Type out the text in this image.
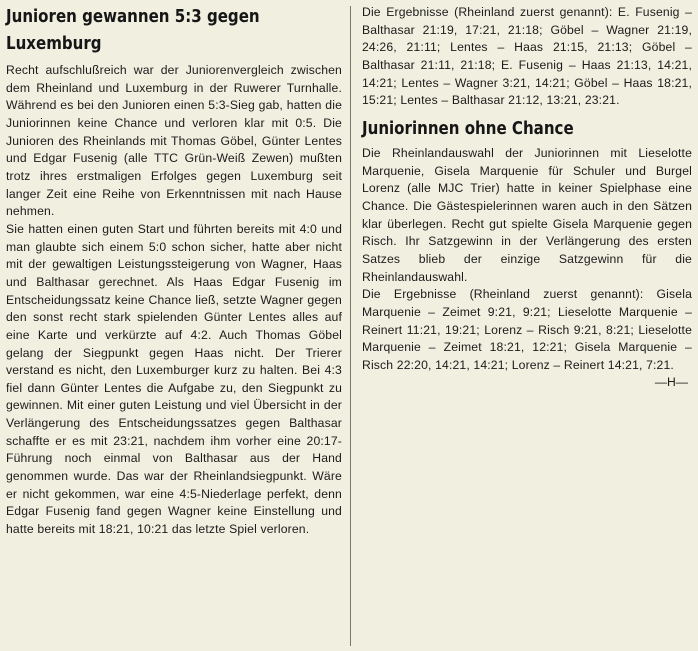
Junioren gewannen 5:3 gegen Luxemburg

Recht aufschlußreich war der Juniorenvergleich zwischen dem Rheinland und Luxemburg in der Ruwerer Turnhalle. Während es bei den Junioren einen 5:3-Sieg gab, hatten die Juniorinnen keine Chance und verloren klar mit 0:5. Die Junioren des Rheinlands mit Thomas Göbel, Günter Lentes und Edgar Fusenig (alle TTC Grün-Weiß Zewen) mußten trotz ihres erstmaligen Erfolges gegen Luxemburg seit langer Zeit eine Reihe von Erkenntnissen mit nach Hause nehmen.

Sie hatten einen guten Start und führten bereits mit 4:0 und man glaubte sich einem 5:0 schon sicher, hatte aber nicht mit der gewaltigen Leistungssteigerung von Wagner, Haas und Balthasar gerechnet. Als Haas Edgar Fusenig im Entscheidungssatz keine Chance ließ, setzte Wagner gegen den sonst recht stark spielenden Günter Lentes alles auf eine Karte und verkürzte auf 4:2. Auch Thomas Göbel gelang der Siegpunkt gegen Haas nicht. Der Trierer verstand es nicht, den Luxemburger kurz zu halten. Bei 4:3 fiel dann Günter Lentes die Aufgabe zu, den Siegpunkt zu gewinnen. Mit einer guten Leistung und viel Übersicht in der Verlängerung des Entscheidungssatzes gegen Balthasar schaffte er es mit 23:21, nachdem ihm vorher eine 20:17-Führung noch einmal von Balthasar aus der Hand genommen wurde. Das war der Rheinlandsiegpunkt. Wäre er nicht gekommen, war eine 4:5-Niederlage perfekt, denn Edgar Fusenig fand gegen Wagner keine Einstellung und hatte bereits mit 18:21, 10:21 das letzte Spiel verloren.

Die Ergebnisse (Rheinland zuerst genannt): E. Fusenig – Balthasar 21:19, 17:21, 21:18; Göbel – Wagner 21:19, 24:26, 21:11; Lentes – Haas 21:15, 21:13; Göbel – Balthasar 21:11, 21:18; E. Fusenig – Haas 21:13, 14:21, 14:21; Lentes – Wagner 3:21, 14:21; Göbel – Haas 18:21, 15:21; Lentes – Balthasar 21:12, 13:21, 23:21.

Juniorinnen ohne Chance

Die Rheinlandauswahl der Juniorinnen mit Lieselotte Marquenie, Gisela Marquenie für Schuler und Burgel Lorenz (alle MJC Trier) hatte in keiner Spielphase eine Chance. Die Gästespielerinnen waren auch in den Sätzen klar überlegen. Recht gut spielte Gisela Marquenie gegen Risch. Ihr Satzgewinn in der Verlängerung des ersten Satzes blieb der einzige Satzgewinn für die Rheinlandauswahl.

Die Ergebnisse (Rheinland zuerst genannt): Gisela Marquenie – Zeimet 9:21, 9:21; Lieselotte Marquenie – Reinert 11:21, 19:21; Lorenz – Risch 9:21, 8:21; Lieselotte Marquenie – Zeimet 18:21, 12:21; Gisela Marquenie – Risch 22:20, 14:21, 14:21; Lorenz – Reinert 14:21, 7:21.

—H—
